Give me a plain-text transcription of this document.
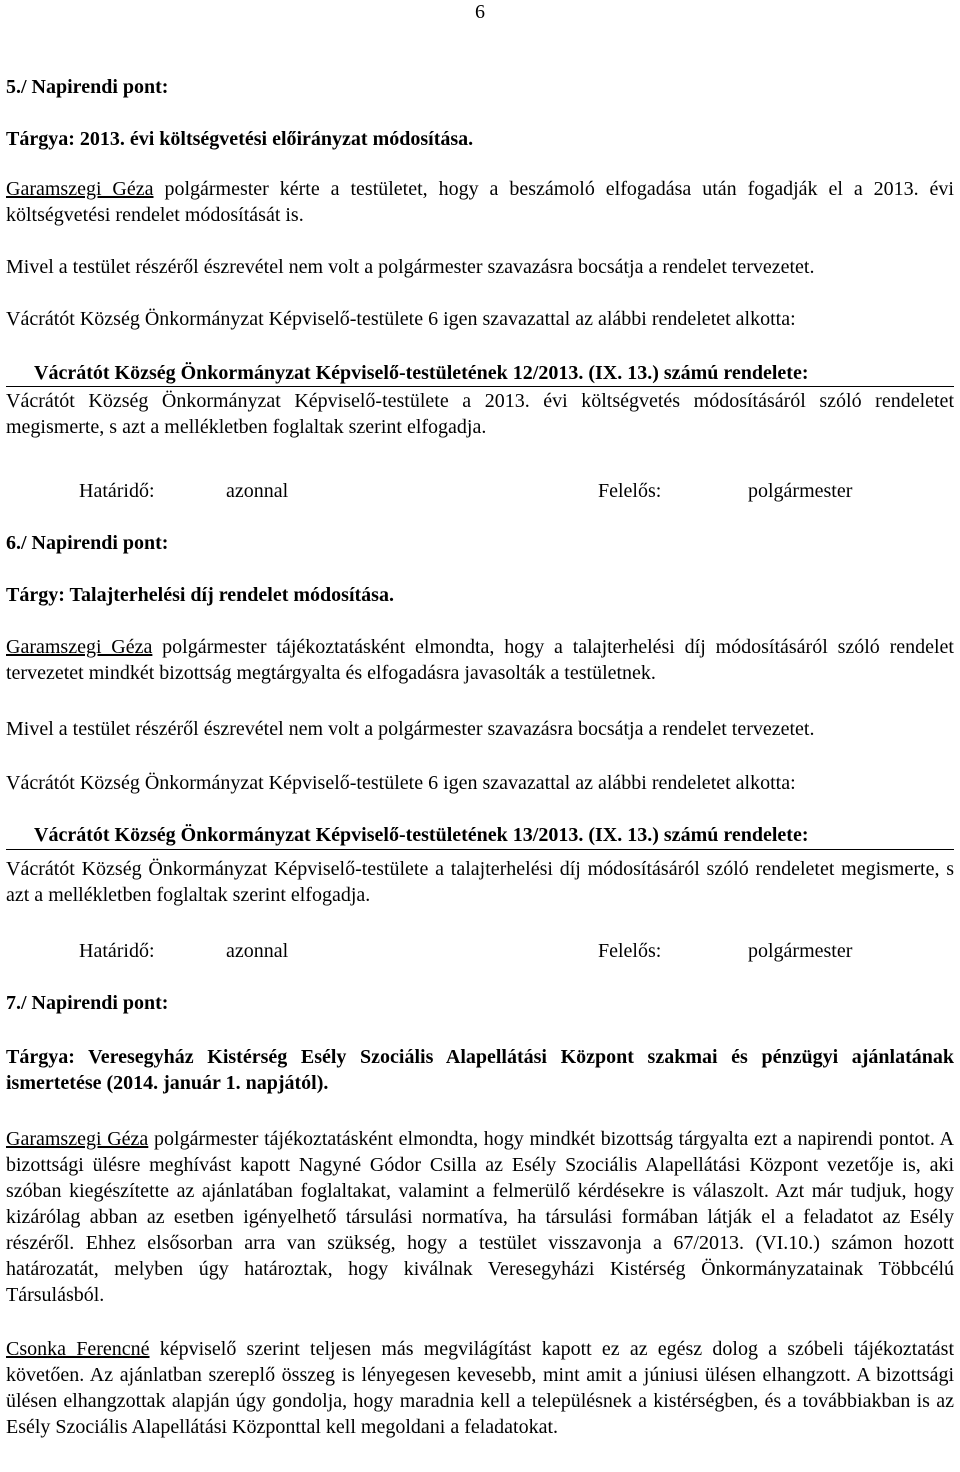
6
5./ Napirendi pont:
Tárgya: 2013. évi költségvetési előirányzat módosítása.

Garamszegi Géza polgármester kérte a testületet, hogy a beszámoló elfogadása után fogadják el a 2013. évi költségvetési rendelet módosítását is.

Mivel a testület részéről észrevétel nem volt a polgármester szavazásra bocsátja a rendelet tervezetet.
Vácrátót Község Önkormányzat Képviselő-testülete 6 igen szavazattal az alábbi rendeletet alkotta:
Vácrátót Község Önkormányzat Képviselő-testületének 12/2013. (IX. 13.) számú rendelete:

Vácrátót Község Önkormányzat Képviselő-testülete a 2013. évi költségvetés módosításáról szóló rendeletet megismerte, s azt a mellékletben foglaltak szerint elfogadja.

Határidő:	azonnal	Felelős:	polgármester
6./ Napirendi pont:
Tárgy: Talajterhelési díj rendelet módosítása.

Garamszegi Géza polgármester tájékoztatásként elmondta, hogy a talajterhelési díj módosításáról szóló rendelet tervezetet mindkét bizottság megtárgyalta és elfogadásra javasolták a testületnek.

Mivel a testület részéről észrevétel nem volt a polgármester szavazásra bocsátja a rendelet tervezetet.
Vácrátót Község Önkormányzat Képviselő-testülete 6 igen szavazattal az alábbi rendeletet alkotta:
Vácrátót Község Önkormányzat Képviselő-testületének 13/2013. (IX. 13.) számú rendelete:

Vácrátót Község Önkormányzat Képviselő-testülete a talajterhelési díj módosításáról szóló rendeletet megismerte, s azt a mellékletben foglaltak szerint elfogadja.

Határidő:	azonnal	Felelős:	polgármester
7./ Napirendi pont:

Tárgya: Veresegyház Kistérség Esély Szociális Alapellátási Központ szakmai és pénzügyi ajánlatának ismertetése (2014. január 1. napjától).

Garamszegi Géza polgármester tájékoztatásként elmondta, hogy mindkét bizottság tárgyalta ezt a napirendi pontot. A bizottsági ülésre meghívást kapott Nagyné Gódor Csilla az Esély Szociális Alapellátási Központ vezetője is, aki szóban kiegészítette az ajánlatában foglaltakat, valamint a felmerülő kérdésekre is válaszolt. Azt már tudjuk, hogy kizárólag abban az esetben igényelhető társulási normatíva, ha társulási formában látják el a feladatot az Esély részéről. Ehhez elsősorban arra van szükség, hogy a testület visszavonja a 67/2013. (VI.10.) számon hozott határozatát, melyben úgy határoztak, hogy kiválnak Veresegyházi Kistérség Önkormányzatainak Többcélú Társulásból.

Csonka Ferencné képviselő szerint teljesen más megvilágítást kapott ez az egész dolog a szóbeli tájékoztatást követően. Az ajánlatban szereplő összeg is lényegesen kevesebb, mint amit a júniusi ülésen elhangzott. A bizottsági ülésen elhangzottak alapján úgy gondolja, hogy maradnia kell a településnek a kistérségben, és a továbbiakban is az Esély Szociális Alapellátási Központtal kell megoldani a feladatokat.
